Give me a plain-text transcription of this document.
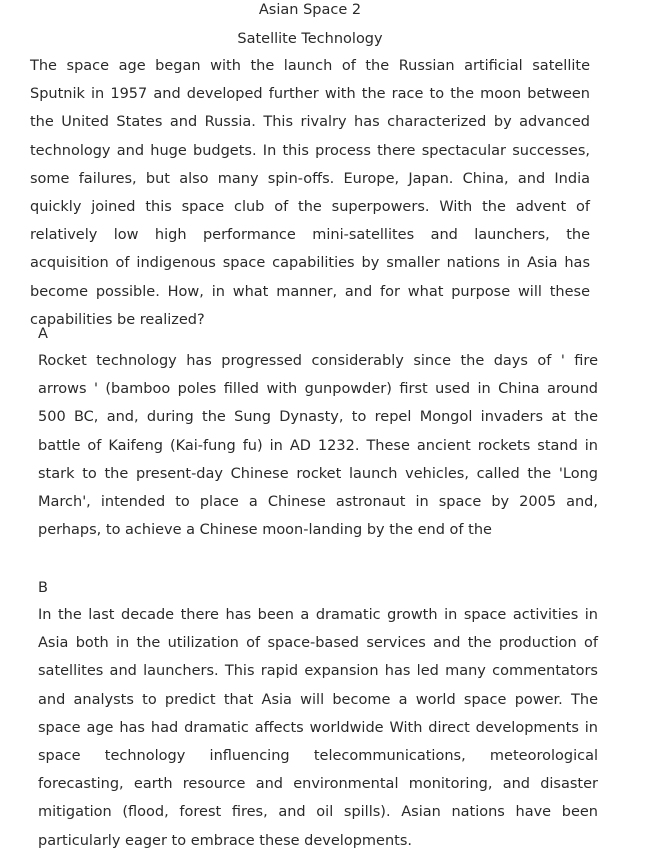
Asian Space 2
Satellite Technology

The space age began with the launch of the Russian artificial satellite Sputnik in 1957 and developed further with the race to the moon between the United States and Russia. This rivalry has characterized by advanced technology and huge budgets. In this process there spectacular successes, some failures, but also many spin-offs. Europe, Japan. China, and India quickly joined this space club of the superpowers. With the advent of relatively low high performance mini-satellites and launchers, the acquisition of indigenous space capabilities by smaller nations in Asia has become possible. How, in what manner, and for what purpose will these capabilities be realized?

A

Rocket technology has progressed considerably since the days of ' fire arrows ' (bamboo poles filled with gunpowder) first used in China around 500 BC, and, during the Sung Dynasty, to repel Mongol invaders at the battle of Kaifeng (Kai-fung fu) in AD 1232. These ancient rockets stand in stark to the present-day Chinese rocket launch vehicles, called the 'Long March', intended to place a Chinese astronaut in space by 2005 and, perhaps, to achieve a Chinese moon-landing by the end of the

B

In the last decade there has been a dramatic growth in space activities in Asia both in the utilization of space-based services and the production of satellites and launchers. This rapid expansion has led many commentators and analysts to predict that Asia will become a world space power. The space age has had dramatic affects worldwide With direct developments in space technology influencing telecommunications, meteorological forecasting, earth resource and environmental monitoring, and disaster mitigation (flood, forest fires, and oil spills). Asian nations have been particularly eager to embrace these developments.
